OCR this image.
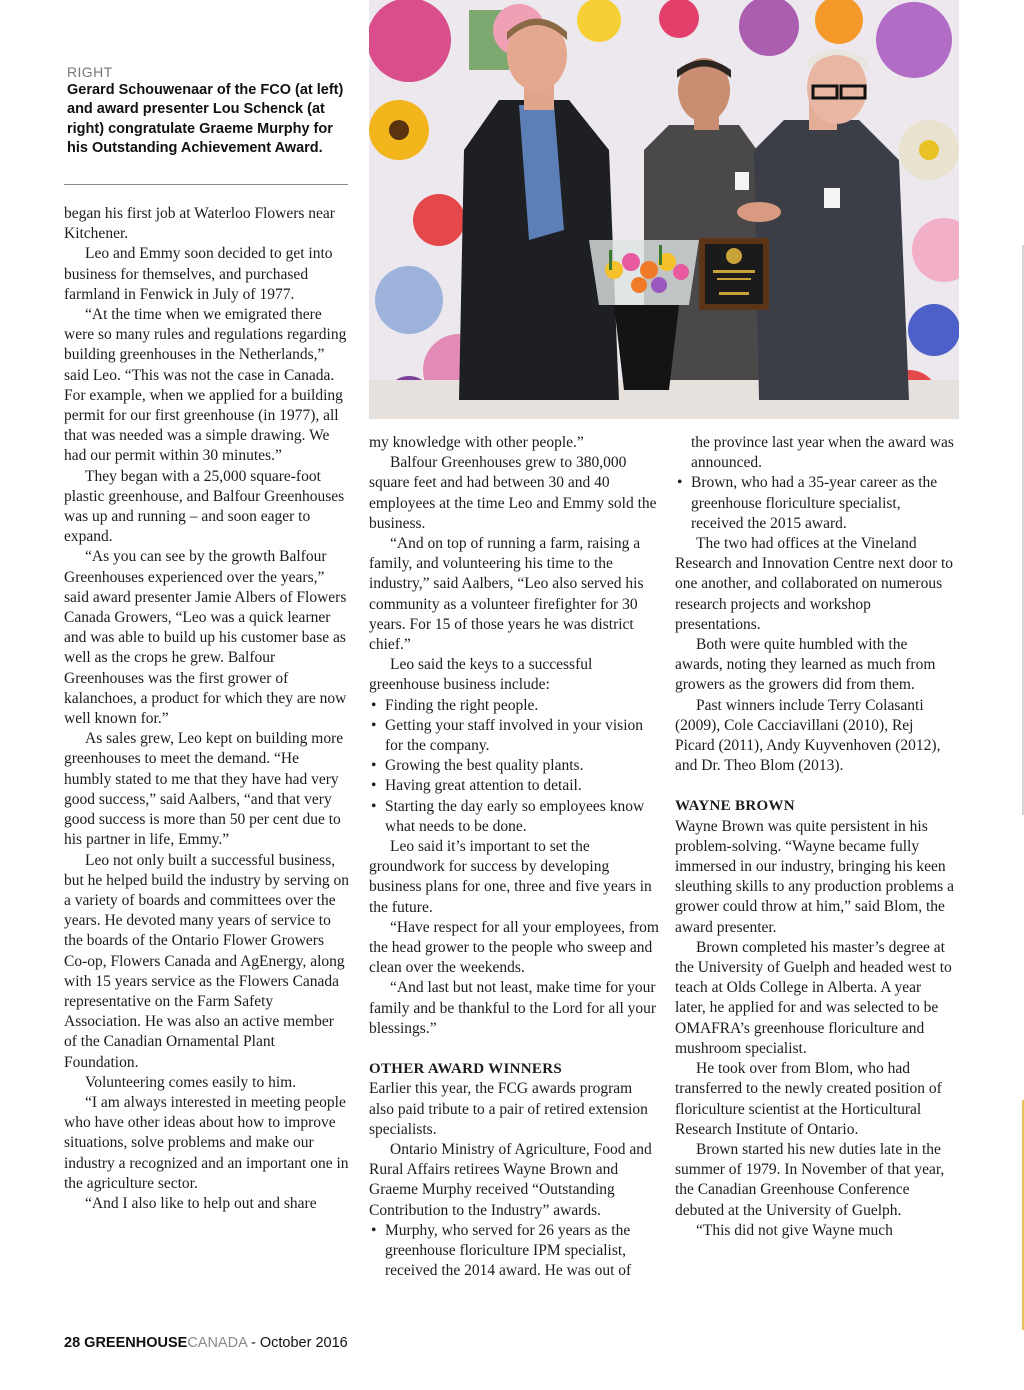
RIGHT
Gerard Schouwenaar of the FCO (at left) and award presenter Lou Schenck (at right) congratulate Graeme Murphy for his Outstanding Achievement Award.

began his first job at Waterloo Flowers near Kitchener.

Leo and Emmy soon decided to get into business for themselves, and purchased farmland in Fenwick in July of 1977.

“At the time when we emigrated there were so many rules and regulations regarding building greenhouses in the Netherlands,” said Leo. “This was not the case in Canada. For example, when we applied for a building permit for our first greenhouse (in 1977), all that was needed was a simple drawing. We had our permit within 30 minutes.”

They began with a 25,000 square-foot plastic greenhouse, and Balfour Greenhouses was up and running – and soon eager to expand.

“As you can see by the growth Balfour Greenhouses experienced over the years,” said award presenter Jamie Albers of Flowers Canada Growers, “Leo was a quick learner and was able to build up his customer base as well as the crops he grew. Balfour Greenhouses was the first grower of kalanchoes, a product for which they are now well known for.”

As sales grew, Leo kept on building more greenhouses to meet the demand. “He humbly stated to me that they have had very good success,” said Aalbers, “and that very good success is more than 50 per cent due to his partner in life, Emmy.”

Leo not only built a successful business, but he helped build the industry by serving on a variety of boards and committees over the years. He devoted many years of service to the boards of the Ontario Flower Growers Co-op, Flowers Canada and AgEnergy, along with 15 years service as the Flowers Canada representative on the Farm Safety Association. He was also an active member of the Canadian Ornamental Plant Foundation.

Volunteering comes easily to him.

“I am always interested in meeting people who have other ideas about how to improve situations, solve problems and make our industry a recognized and an important one in the agriculture sector.

“And I also like to help out and share

my knowledge with other people.”

Balfour Greenhouses grew to 380,000 square feet and had between 30 and 40 employees at the time Leo and Emmy sold the business.

“And on top of running a farm, raising a family, and volunteering his time to the industry,” said Aalbers, “Leo also served his community as a volunteer firefighter for 30 years. For 15 of those years he was district chief.”

Leo said the keys to a successful greenhouse business include:

• Finding the right people.
• Getting your staff involved in your vision for the company.
• Growing the best quality plants.
• Having great attention to detail.
• Starting the day early so employees know what needs to be done.

Leo said it’s important to set the groundwork for success by developing business plans for one, three and five years in the future.

“Have respect for all your employees, from the head grower to the people who sweep and clean over the weekends.

“And last but not least, make time for your family and be thankful to the Lord for all your blessings.”

OTHER AWARD WINNERS

Earlier this year, the FCG awards program also paid tribute to a pair of retired extension specialists.

Ontario Ministry of Agriculture, Food and Rural Affairs retirees Wayne Brown and Graeme Murphy received “Outstanding Contribution to the Industry” awards.

• Murphy, who served for 26 years as the greenhouse floriculture IPM specialist, received the 2014 award. He was out of

the province last year when the award was announced.

• Brown, who had a 35-year career as the greenhouse floriculture specialist, received the 2015 award.

The two had offices at the Vineland Research and Innovation Centre next door to one another, and collaborated on numerous research projects and workshop presentations.

Both were quite humbled with the awards, noting they learned as much from growers as the growers did from them.

Past winners include Terry Colasanti (2009), Cole Cacciavillani (2010), Rej Picard (2011), Andy Kuyvenhoven (2012), and Dr. Theo Blom (2013).

WAYNE BROWN

Wayne Brown was quite persistent in his problem-solving. “Wayne became fully immersed in our industry, bringing his keen sleuthing skills to any production problems a grower could throw at him,” said Blom, the award presenter.

Brown completed his master’s degree at the University of Guelph and headed west to teach at Olds College in Alberta. A year later, he applied for and was selected to be OMAFRA’s greenhouse floriculture and mushroom specialist.

He took over from Blom, who had transferred to the newly created position of floriculture scientist at the Horticultural Research Institute of Ontario.

Brown started his new duties late in the summer of 1979. In November of that year, the Canadian Greenhouse Conference debuted at the University of Guelph.

“This did not give Wayne much

28 GREENHOUSECANADA - October 2016
